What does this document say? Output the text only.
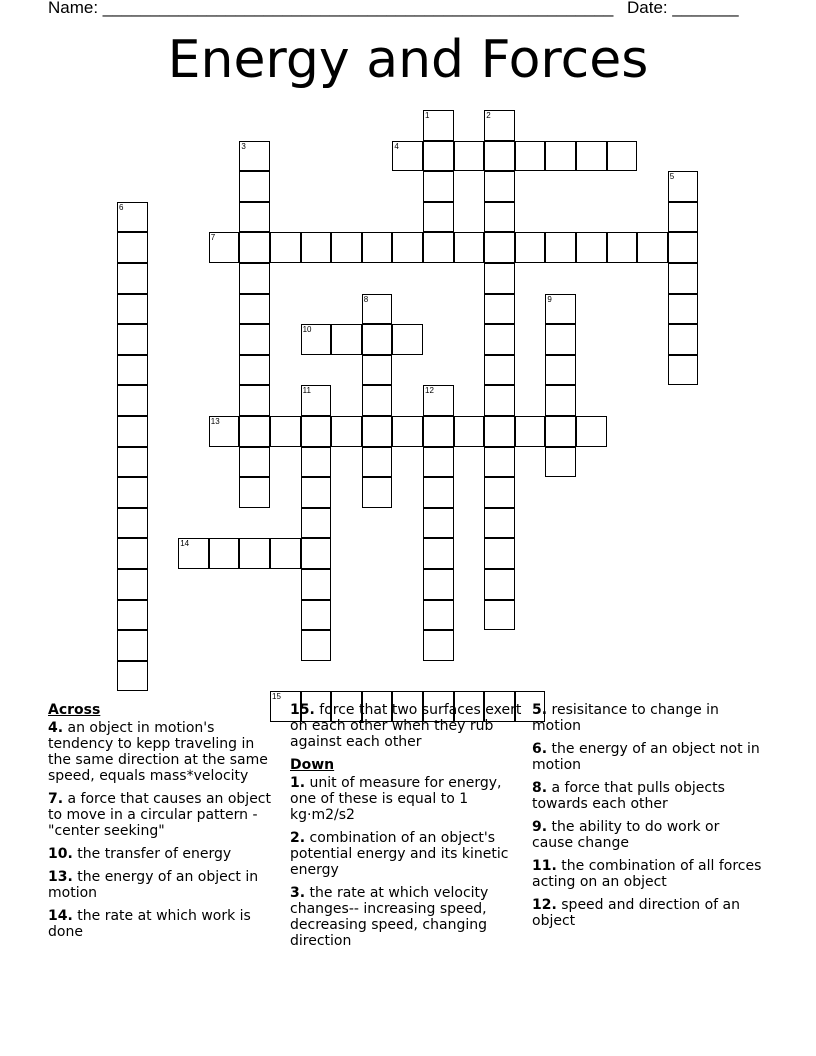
Name: ______________________________________________________ Date: _______
Energy and Forces
1	2
3	4
5
6
7
8	9
10
11	12
13
14
15
Across
4. an object in motion's tendency to kepp traveling in the same direction at the same speed, equals mass*velocity
7. a force that causes an object to move in a circular pattern - "center seeking"
10. the transfer of energy
13. the energy of an object in motion
14. the rate at which work is done
15. force that two surfaces exert on each other when they rub against each other
Down
1. unit of measure for energy, one of these is equal to 1 kg·m2/s2
2. combination of an object's potential energy and its kinetic energy
3. the rate at which velocity changes-- increasing speed, decreasing speed, changing direction
5. resisitance to change in motion
6. the energy of an object not in motion
8. a force that pulls objects towards each other
9. the ability to do work or cause change
11. the combination of all forces acting on an object
12. speed and direction of an object
